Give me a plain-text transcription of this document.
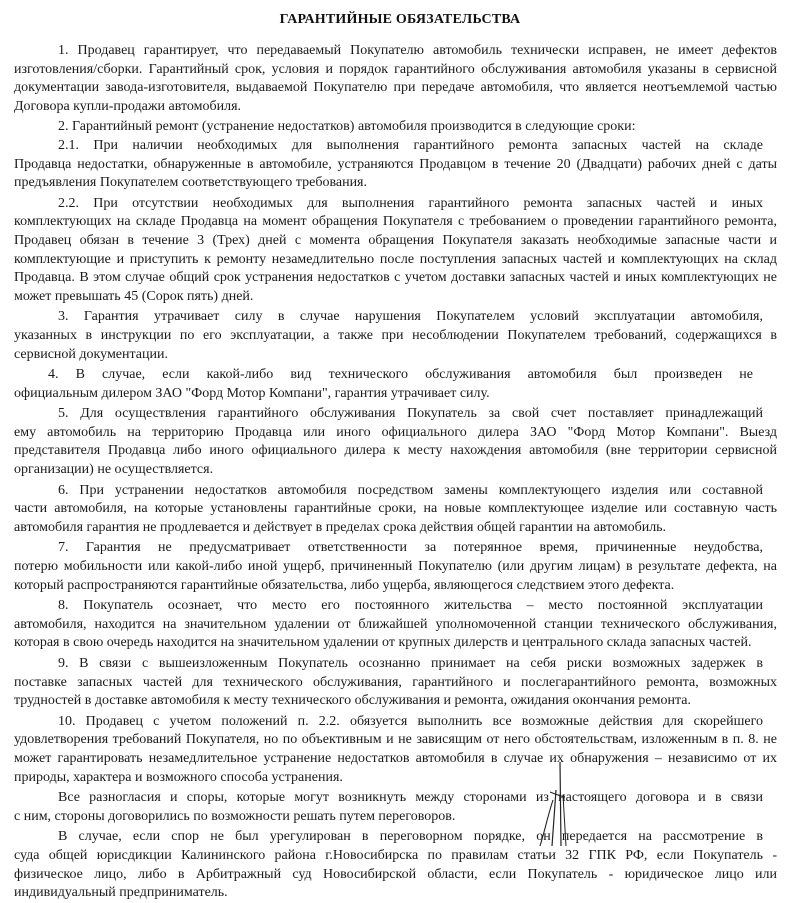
ГАРАНТИЙНЫЕ ОБЯЗАТЕЛЬСТВА
1. Продавец гарантирует, что передаваемый Покупателю автомобиль технически исправен, не имеет дефектов
изготовления/сборки. Гарантийный срок, условия и порядок гарантийного обслуживания автомобиля указаны в сервисной
документации завода-изготовителя, выдаваемой Покупателю при передаче автомобиля, что является неотъемлемой частью
Договора купли-продажи автомобиля.
2. Гарантийный ремонт (устранение недостатков) автомобиля производится в следующие сроки:
2.1. При наличии необходимых для выполнения гарантийного ремонта запасных частей на складе
Продавца недостатки, обнаруженные в автомобиле, устраняются Продавцом в течение 20 (Двадцати) рабочих дней с даты
предъявления Покупателем соответствующего требования.
2.2. При отсутствии необходимых для выполнения гарантийного ремонта запасных частей и иных
комплектующих на складе Продавца на момент обращения Покупателя с требованием о проведении гарантийного ремонта,
Продавец обязан в течение 3 (Трех) дней с момента обращения Покупателя заказать необходимые запасные части и
комплектующие и приступить к ремонту незамедлительно после поступления запасных частей и комплектующих на склад
Продавца. В этом случае общий срок устранения недостатков с учетом доставки запасных частей и иных комплектующих не
может превышать 45 (Сорок пять) дней.
3. Гарантия утрачивает силу в случае нарушения Покупателем условий эксплуатации автомобиля,
указанных в инструкции по его эксплуатации, а также при несоблюдении Покупателем требований, содержащихся в
сервисной документации.
4. В случае, если какой-либо вид технического обслуживания автомобиля был произведен не
официальным дилером ЗАО "Форд Мотор Компани", гарантия утрачивает силу.
5. Для осуществления гарантийного обслуживания Покупатель за свой счет поставляет принадлежащий
ему автомобиль на территорию Продавца или иного официального дилера ЗАО "Форд Мотор Компани". Выезд
представителя Продавца либо иного официального дилера к месту нахождения автомобиля (вне территории сервисной
организации) не осуществляется.
6. При устранении недостатков автомобиля посредством замены комплектующего изделия или составной
части автомобиля, на которые установлены гарантийные сроки, на новые комплектующее изделие или составную часть
автомобиля гарантия не продлевается и действует в пределах срока действия общей гарантии на автомобиль.
7. Гарантия не предусматривает ответственности за потерянное время, причиненные неудобства,
потерю мобильности или какой-либо иной ущерб, причиненный Покупателю (или другим лицам) в результате дефекта, на
который распространяются гарантийные обязательства, либо ущерба, являющегося следствием этого дефекта.
8. Покупатель осознает, что место его постоянного жительства – место постоянной эксплуатации
автомобиля, находится на значительном удалении от ближайшей уполномоченной станции технического обслуживания,
которая в свою очередь находится на значительном удалении от крупных дилерств и центрального склада запасных частей.
9. В связи с вышеизложенным Покупатель осознанно принимает на себя риски возможных задержек в
поставке запасных частей для технического обслуживания, гарантийного и послегарантийного ремонта, возможных
трудностей в доставке автомобиля к месту технического обслуживания и ремонта, ожидания окончания ремонта.
10. Продавец с учетом положений п. 2.2. обязуется выполнить все возможные действия для скорейшего
удовлетворения требований Покупателя, но по объективным и не зависящим от него обстоятельствам, изложенным в п. 8. не
может гарантировать незамедлительное устранение недостатков автомобиля в случае их обнаружения – независимо от их
природы, характера и возможного способа устранения.
Все разногласия и споры, которые могут возникнуть между сторонами из настоящего договора и в связи
с ним, стороны договорились по возможности решать путем переговоров.
В случае, если спор не был урегулирован в переговорном порядке, он передается на рассмотрение в
суда общей юрисдикции Калининского района г.Новосибирска по правилам статьи 32 ГПК РФ, если Покупатель -
физическое лицо, либо в Арбитражный суд Новосибирской области, если Покупатель - юридическое лицо или
индивидуальный предприниматель.
